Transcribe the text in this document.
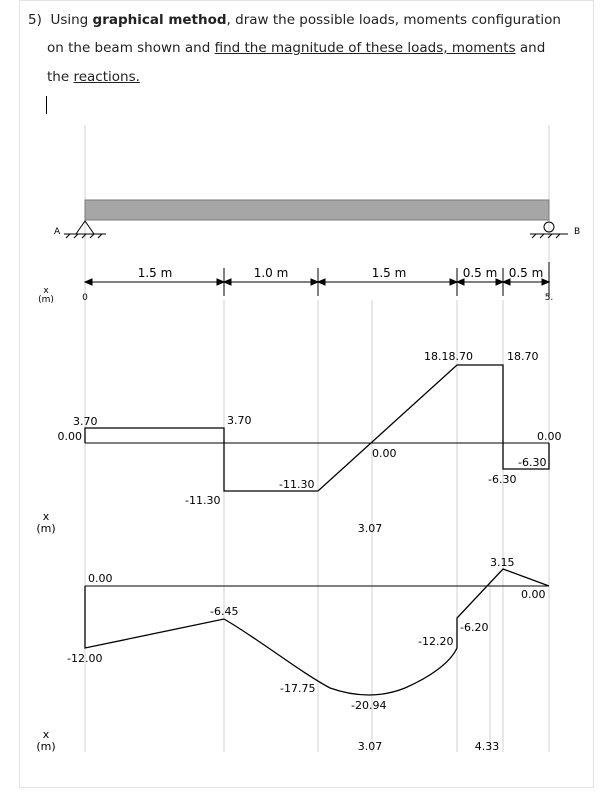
5) Using graphical method, draw the possible loads, moments configuration
on the beam shown and find the magnitude of these loads, moments and
the reactions.
A	B
1.5 m	1.0 m	1.5 m	0.5 m 0.5 m
x
(m)	0	5.
0.00
3.70	3.70
-11.30
-11.30
0.00
18.18.70	18.70
0.00
-6.30
-6.30
x
(m)	3.07
0.00
-12.00
-6.45
-17.75
-20.94
-12.20
-6.20
3.15
0.00
x
(m)	3.07	4.33
